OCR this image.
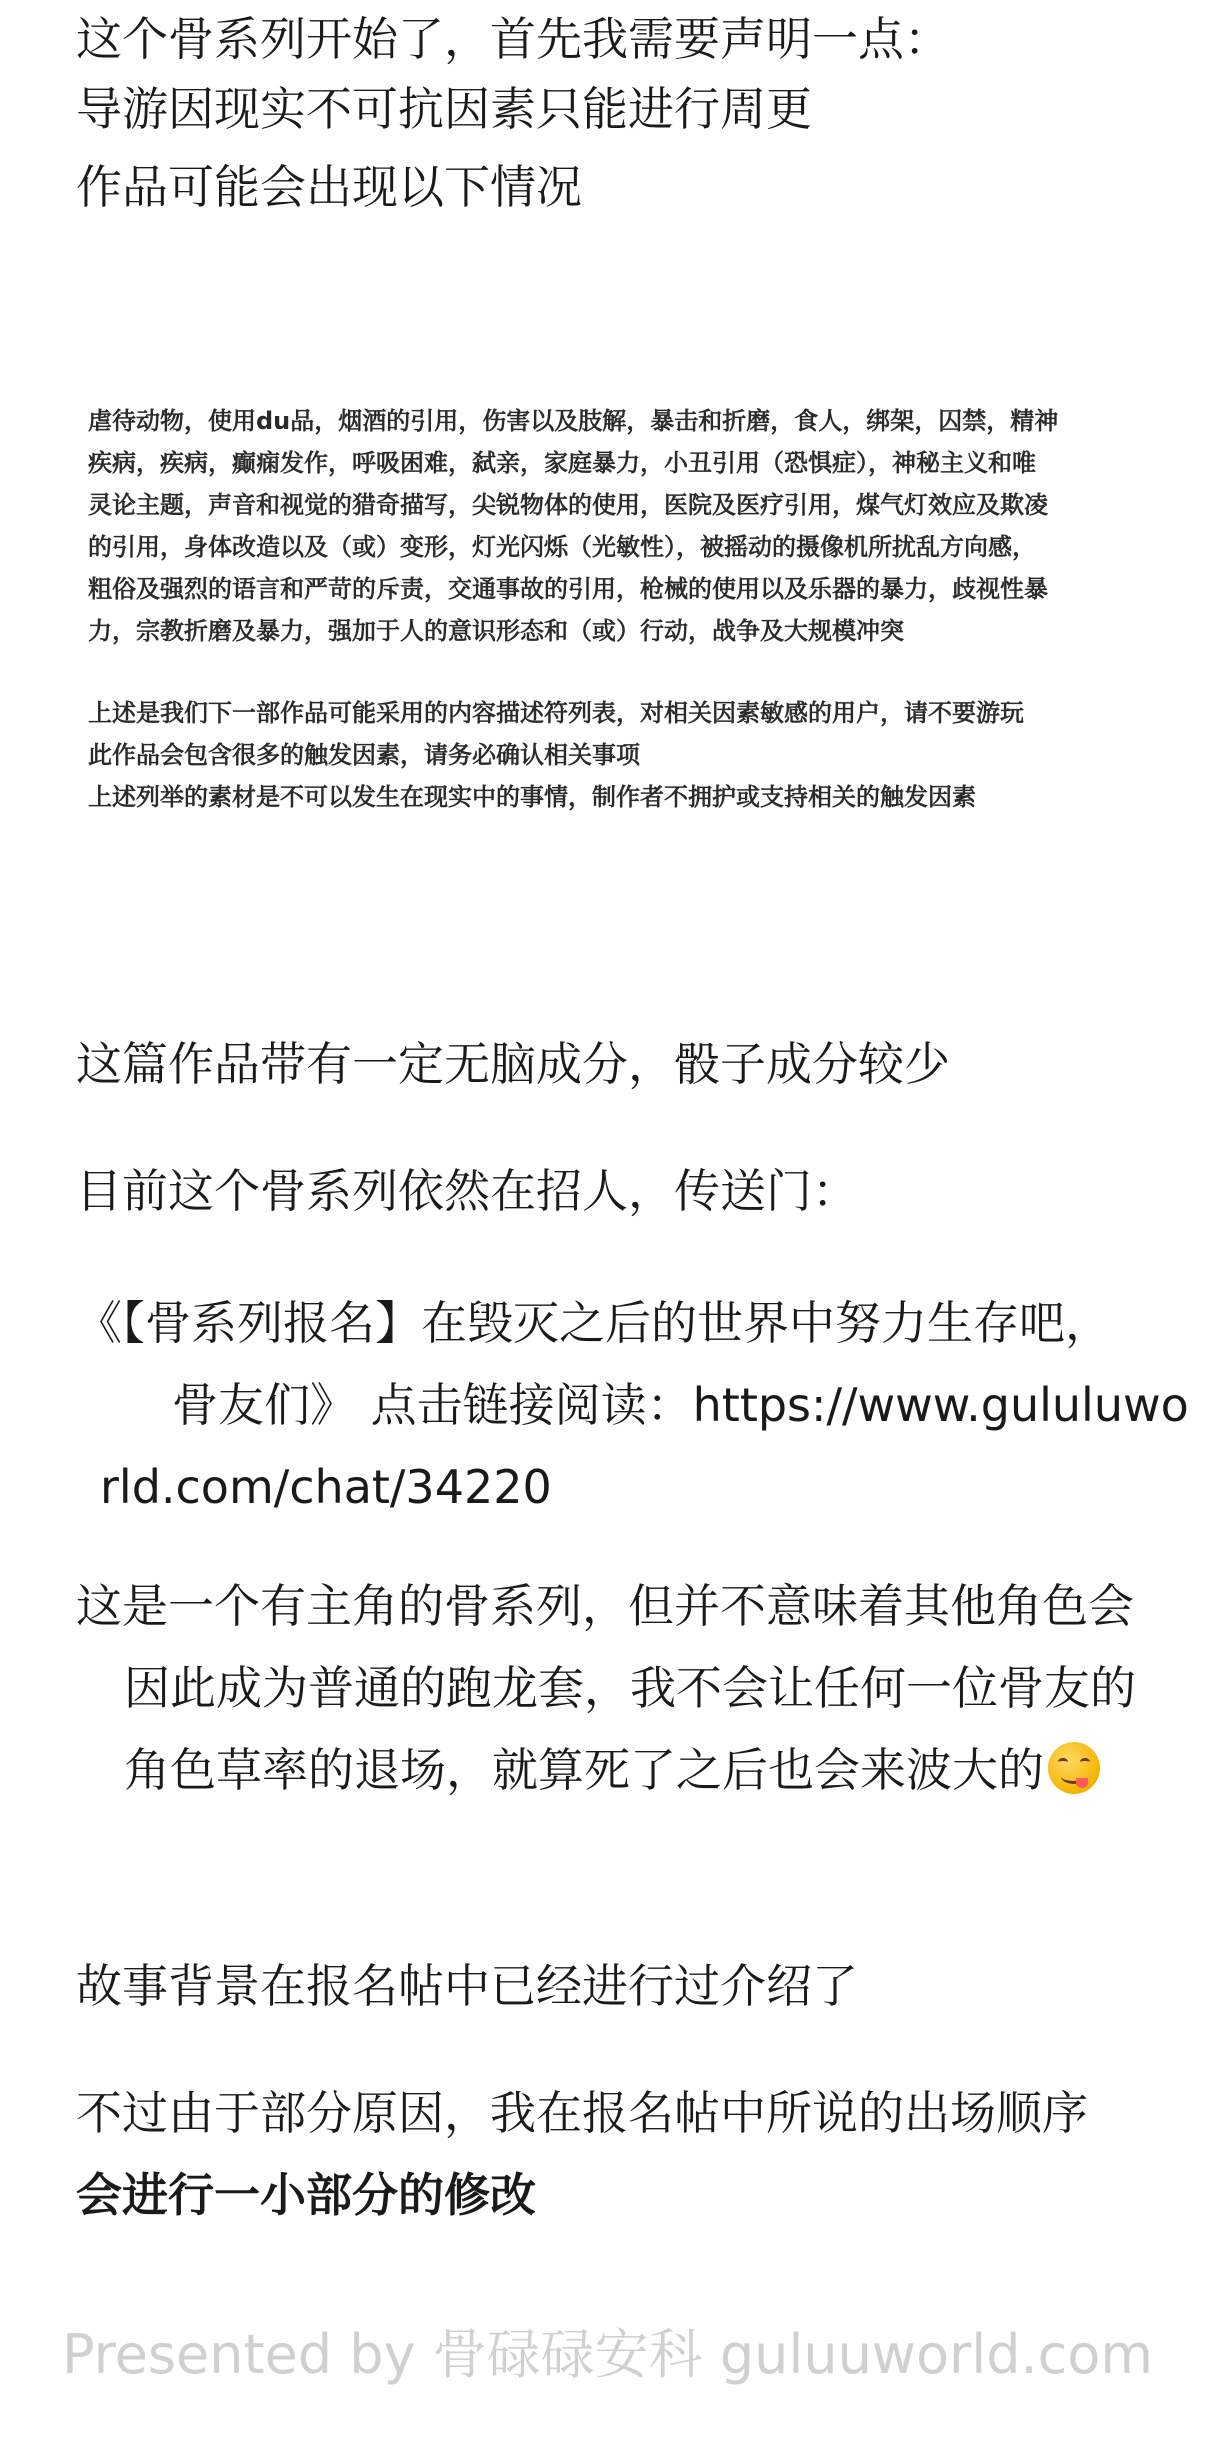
这个骨系列开始了，首先我需要声明一点：

导游因现实不可抗因素只能进行周更

作品可能会出现以下情况

虐待动物，使用du品，烟酒的引用，伤害以及肢解，暴击和折磨，食人，绑架，囚禁，精神
疾病，疾病，癫痫发作，呼吸困难，弑亲，家庭暴力，小丑引用（恐惧症），神秘主义和唯
灵论主题，声音和视觉的猎奇描写，尖锐物体的使用，医院及医疗引用，煤气灯效应及欺凌
的引用，身体改造以及（或）变形，灯光闪烁（光敏性），被摇动的摄像机所扰乱方向感，
粗俗及强烈的语言和严苛的斥责，交通事故的引用，枪械的使用以及乐器的暴力，歧视性暴
力，宗教折磨及暴力，强加于人的意识形态和（或）行动，战争及大规模冲突
上述是我们下一部作品可能采用的内容描述符列表，对相关因素敏感的用户，请不要游玩
此作品会包含很多的触发因素，请务必确认相关事项
上述列举的素材是不可以发生在现实中的事情，制作者不拥护或支持相关的触发因素

这篇作品带有一定无脑成分，骰子成分较少

目前这个骨系列依然在招人，传送门：

《【骨系列报名】在毁灭之后的世界中努力生存吧，
骨友们》 点击链接阅读：https://www.gululuwo
rld.com/chat/34220
这是一个有主角的骨系列，但并不意味着其他角色会
因此成为普通的跑龙套，我不会让任何一位骨友的
角色草率的退场，就算死了之后也会来波大的

故事背景在报名帖中已经进行过介绍了

不过由于部分原因，我在报名帖中所说的出场顺序
会进行一小部分的修改
Presented by 骨碌碌安科 guluuworld.com
